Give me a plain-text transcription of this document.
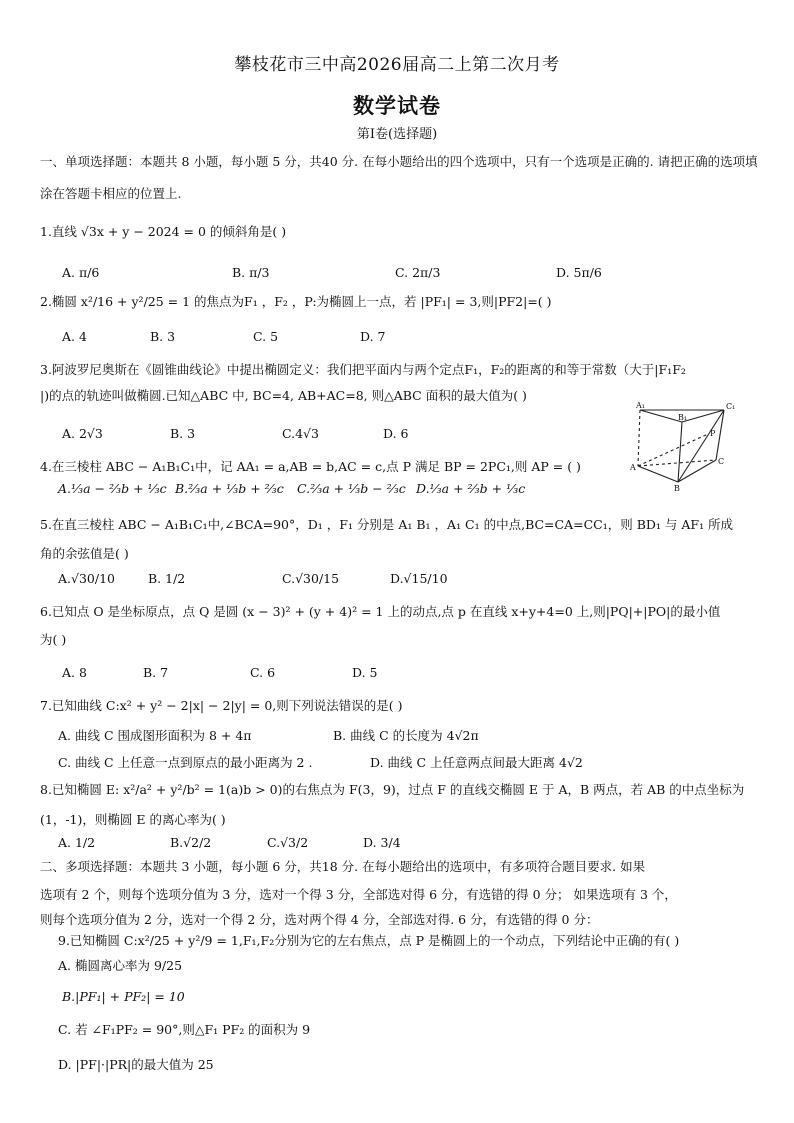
攀枝花市三中高2026届高二上第二次月考
数学试卷
第Ⅰ卷(选择题)
一、单项选择题：本题共 8 小题，每小题 5 分，共40 分. 在每小题给出的四个选项中，只有一个选项是正确的. 请把正确的选项填
涂在答题卡相应的位置上.
1.直线 √3x + y − 2024 = 0 的倾斜角是( )
A. π/6	B. π/3	C. 2π/3	D. 5π/6
2.椭圆 x²/16 + y²/25 = 1 的焦点为F₁ ，F₂ ，P:为椭圆上一点，若 |PF₁| = 3,则|PF2|=( )
A. 4	B. 3	C. 5	D. 7
3.阿波罗尼奥斯在《圆锥曲线论》中提出椭圆定义：我们把平面内与两个定点F₁，F₂的距离的和等于常数（大于|F₁F₂
|)的点的轨迹叫做椭圆.已知△ABC 中, BC=4, AB+AC=8, 则△ABC 面积的最大值为( )
A. 2√3	B. 3	C.4√3	D. 6
A₁
B₁
C₁
P
A
B
C
4.在三棱柱 ABC − A₁B₁C₁中，记 AA₁ = a,AB = b,AC = c,点 P 满足 BP = 2PC₁,则 AP = ( )
A.⅓a − ⅔b + ⅓c B.⅔a + ⅓b + ⅔c C.⅔a + ⅓b − ⅔c D.⅓a + ⅔b + ⅓c
5.在直三棱柱 ABC − A₁B₁C₁中,∠BCA=90°，D₁ ，F₁ 分别是 A₁ B₁ ，A₁ C₁ 的中点,BC=CA=CC₁，则 BD₁ 与 AF₁ 所成
角的余弦值是( )
A.√30/10	B. 1/2	C.√30/15	D.√15/10
6.已知点 O 是坐标原点，点 Q 是圆 (x − 3)² + (y + 4)² = 1 上的动点,点 p 在直线 x+y+4=0 上,则|PQ|+|PO|的最小值
为( )
A. 8	B. 7	C. 6	D. 5
7.已知曲线 C:x² + y² − 2|x| − 2|y| = 0,则下列说法错误的是( )
A. 曲线 C 围成图形面积为 8 + 4π	B. 曲线 C 的长度为 4√2π
C. 曲线 C 上任意一点到原点的最小距离为 2 .	D. 曲线 C 上任意两点间最大距离 4√2
8.已知椭圆 E: x²/a² + y²/b² = 1(a)b > 0)的右焦点为 F(3，9)，过点 F 的直线交椭圆 E 于 A，B 两点，若 AB 的中点坐标为
(1，-1)，则椭圆 E 的离心率为( )
A. 1/2	B.√2/2	C.√3/2	D. 3/4
二、多项选择题：本题共 3 小题，每小题 6 分，共18 分. 在每小题给出的选项中，有多项符合题目要求. 如果
选项有 2 个，则每个选项分值为 3 分，选对一个得 3 分，全部选对得 6 分，有选错的得 0 分； 如果选项有 3 个，
则每个选项分值为 2 分，选对一个得 2 分，选对两个得 4 分，全部选对得. 6 分，有选错的得 0 分：
9.已知椭圆 C:x²/25 + y²/9 = 1,F₁,F₂分别为它的左右焦点，点 P 是椭圆上的一个动点，下列结论中正确的有( )
A. 椭圆离心率为 9/25
B.|PF₁| + PF₂| = 10
C. 若 ∠F₁PF₂ = 90°,则△F₁ PF₂ 的面积为 9
D. |PF|·|PR|的最大值为 25
